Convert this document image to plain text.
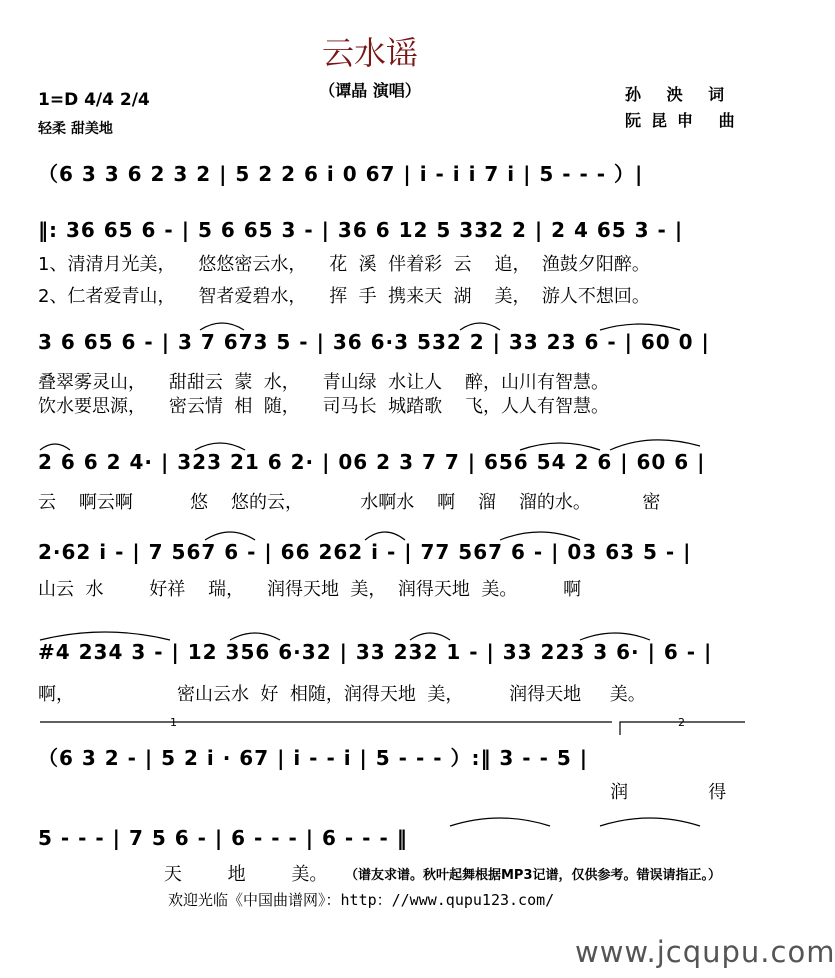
云水谣
（谭晶 演唱）	孙 泱 词
阮昆申 曲
1=D 4/4 2/4
轻柔 甜美地
（6 3 3 6 2 3 2 | 5 2 2 6 i 0 67 | i - i i 7 i | 5 - - - ）|
‖: 36 65 6 - | 5 6 65 3 - | 36 6 12 5 332 2 | 2 4 65 3 - |
1、清清月光美，    悠悠密云水，    花  溪  伴着彩  云    追，  渔鼓夕阳醉。
2、仁者爱青山，    智者爱碧水，    挥  手  携来天  湖    美，  游人不想回。
3 6 65 6 - | 3 7 673 5 - | 36 6·3 532 2 | 33 23 6 - | 60 0 |
叠翠雾灵山，    甜甜云  蒙  水，    青山绿  水让人    醉，山川有智慧。
饮水要思源，    密云情  相  随，    司马长  城踏歌    飞，人人有智慧。
2 6 6 2 4· | 323 21 6 2· | 06 2 3 7 7 | 656 54 2 6 | 60 6 |
云    啊云啊          悠    悠的云，          水啊水    啊    溜    溜的水。         密
2·62 i - | 7 567 6 - | 66 262 i - | 77 567 6 - | 03 63 5 - |
山云  水        好祥    瑞，    润得天地  美，  润得天地  美。        啊
#4 234 3 - | 12 356 6·32 | 33 232 1 - | 33 223 3 6· | 6 - |
啊，                  密山云水  好  相随，润得天地  美，        润得天地     美。
（6 3 2 - | 5 2 i · 67 | i - - i | 5 - - - ）:‖ 3 - - 5 |
润              得
5 - - - | 7 5 6 - | 6 - - - | 6 - - - ‖
天        地        美。	（谱友求谱。秋叶起舞根据MP3记谱，仅供参考。错误请指正。）
欢迎光临《中国曲谱网》：http：//www.qupu123.com/
www.jcqupu.com
1	2
